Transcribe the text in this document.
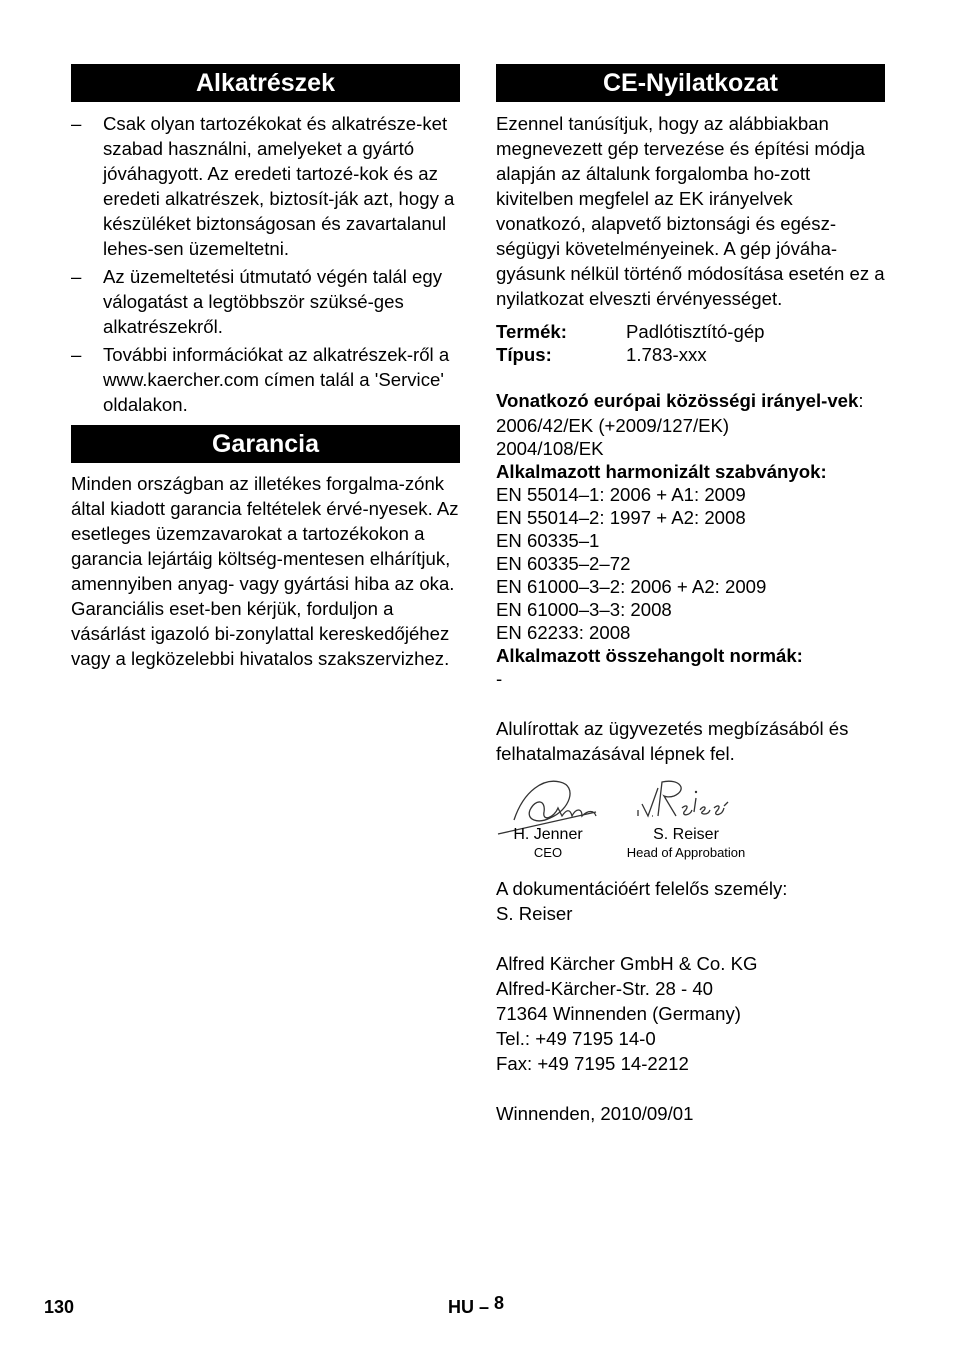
Alkatrészek
– Csak olyan tartozékokat és alkatrésze-ket szabad használni, amelyeket a gyártó jóváhagyott. Az eredeti tartozé-kok és az eredeti alkatrészek, biztosít-ják azt, hogy a készüléket biztonságosan és zavartalanul lehes-sen üzemeltetni.
– Az üzemeltetési útmutató végén talál egy válogatást a legtöbbször szüksé-ges alkatrészekről.
– További információkat az alkatrészek-ről a www.kaercher.com címen talál a 'Service' oldalakon.
Garancia

Minden országban az illetékes forgalma-zónk által kiadott garancia feltételek érvé-nyesek. Az esetleges üzemzavarokat a tartozékokon a garancia lejártáig költség-mentesen elhárítjuk, amennyiben anyag- vagy gyártási hiba az oka. Garanciális eset-ben kérjük, forduljon a vásárlást igazoló bi-zonylattal kereskedőjéhez vagy a legközelebbi hivatalos szakszervizhez.

CE-Nyilatkozat

Ezennel tanúsítjuk, hogy az alábbiakban megnevezett gép tervezése és építési módja alapján az általunk forgalomba ho-zott kivitelben megfelel az EK irányelvek vonatkozó, alapvető biztonsági és egész-ségügyi követelményeinek. A gép jóváha-gyásunk nélkül történő módosítása esetén ez a nyilatkozat elveszti érvényességet.

Termék:	Padlótisztító-gép
Típus:	1.783-xxx
Vonatkozó európai közösségi irányel-vek:
2006/42/EK (+2009/127/EK)
2004/108/EK
Alkalmazott harmonizált szabványok:
EN 55014–1: 2006 + A1: 2009
EN 55014–2: 1997 + A2: 2008
EN 60335–1
EN 60335–2–72
EN 61000–3–2: 2006 + A2: 2009
EN 61000–3–3: 2008
EN 62233: 2008
Alkalmazott összehangolt normák:
-

Alulírottak az ügyvezetés megbízásából és felhatalmazásával lépnek fel.

H. Jenner
CEO
S. Reiser
Head of Approbation
A dokumentációért felelős személy:
S. Reiser
Alfred Kärcher GmbH & Co. KG
Alfred-Kärcher-Str. 28 - 40
71364 Winnenden (Germany)
Tel.: +49 7195 14-0
Fax: +49 7195 14-2212
Winnenden, 2010/09/01
130	HU – 8
